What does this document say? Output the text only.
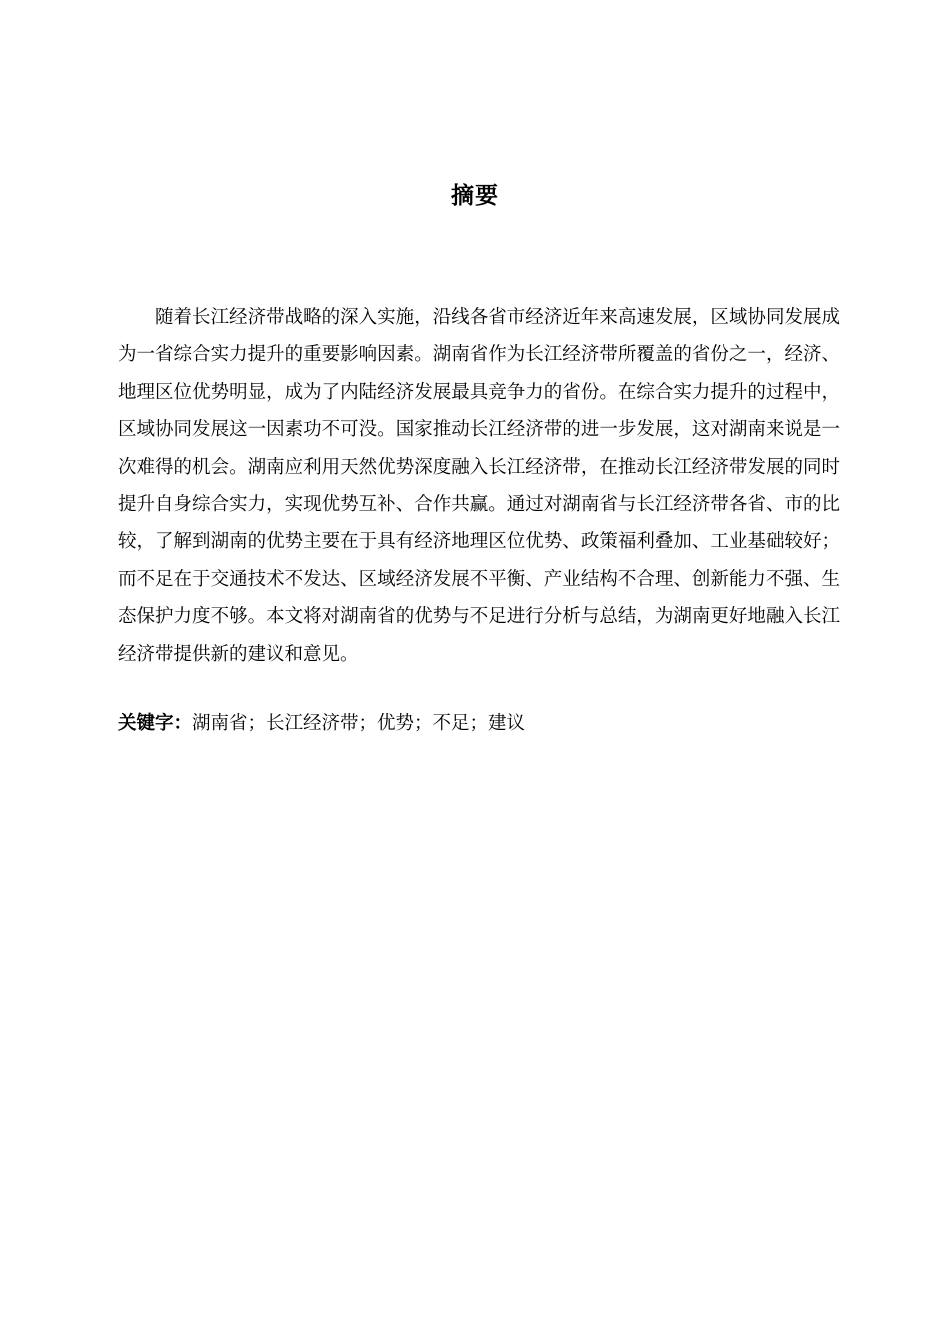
摘要

随着长江经济带战略的深入实施，沿线各省市经济近年来高速发展，区域协同发展成为一省综合实力提升的重要影响因素。湖南省作为长江经济带所覆盖的省份之一，经济、地理区位优势明显，成为了内陆经济发展最具竞争力的省份。在综合实力提升的过程中，区域协同发展这一因素功不可没。国家推动长江经济带的进一步发展，这对湖南来说是一次难得的机会。湖南应利用天然优势深度融入长江经济带，在推动长江经济带发展的同时提升自身综合实力，实现优势互补、合作共赢。通过对湖南省与长江经济带各省、市的比较，了解到湖南的优势主要在于具有经济地理区位优势、政策福利叠加、工业基础较好；而不足在于交通技术不发达、区域经济发展不平衡、产业结构不合理、创新能力不强、生态保护力度不够。本文将对湖南省的优势与不足进行分析与总结，为湖南更好地融入长江经济带提供新的建议和意见。

关键字：湖南省；长江经济带；优势；不足；建议
